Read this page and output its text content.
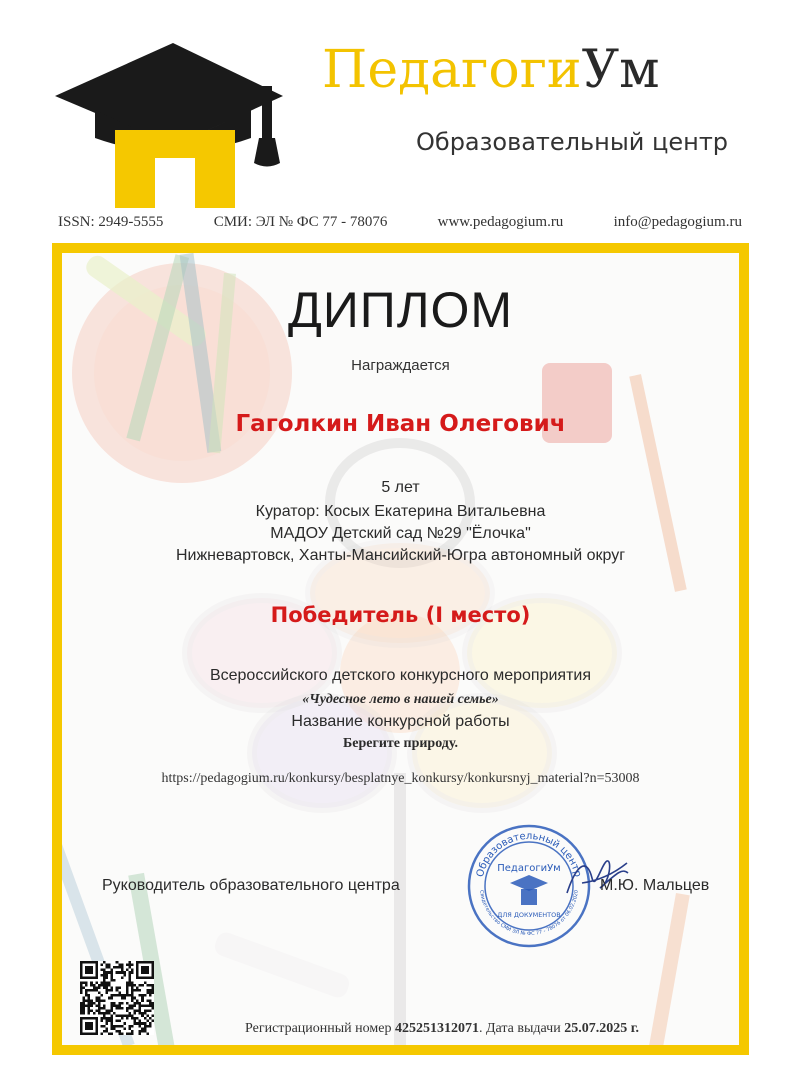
ПедагогиУм
Образовательный центр
ISSN: 2949-5555	СМИ: ЭЛ № ФС 77 - 78076	www.pedagogium.ru	info@pedagogium.ru
ДИПЛОМ
Награждается
Гаголкин Иван Олегович
5 лет
Куратор: Косых Екатерина Витальевна
МАДОУ Детский сад №29 "Ёлочка"
Нижневартовск, Ханты-Мансийский-Югра автономный округ
Победитель (I место)
Всероссийского детского конкурсного мероприятия
«Чудесное лето в нашей семье»
Название конкурсной работы
Берегите природу.
https://pedagogium.ru/konkursy/besplatnye_konkursy/konkursnyj_material?n=53008
Руководитель образовательного центра
Образовательный центр
ПедагогиУм
ДЛЯ ДОКУМЕНТОВ
Свидетельство СМИ ЭЛ № ФС 77 - 78076 от 06.02.2020 М.Ю. Мальцев
Регистрационный номер 425251312071. Дата выдачи 25.07.2025 г.
